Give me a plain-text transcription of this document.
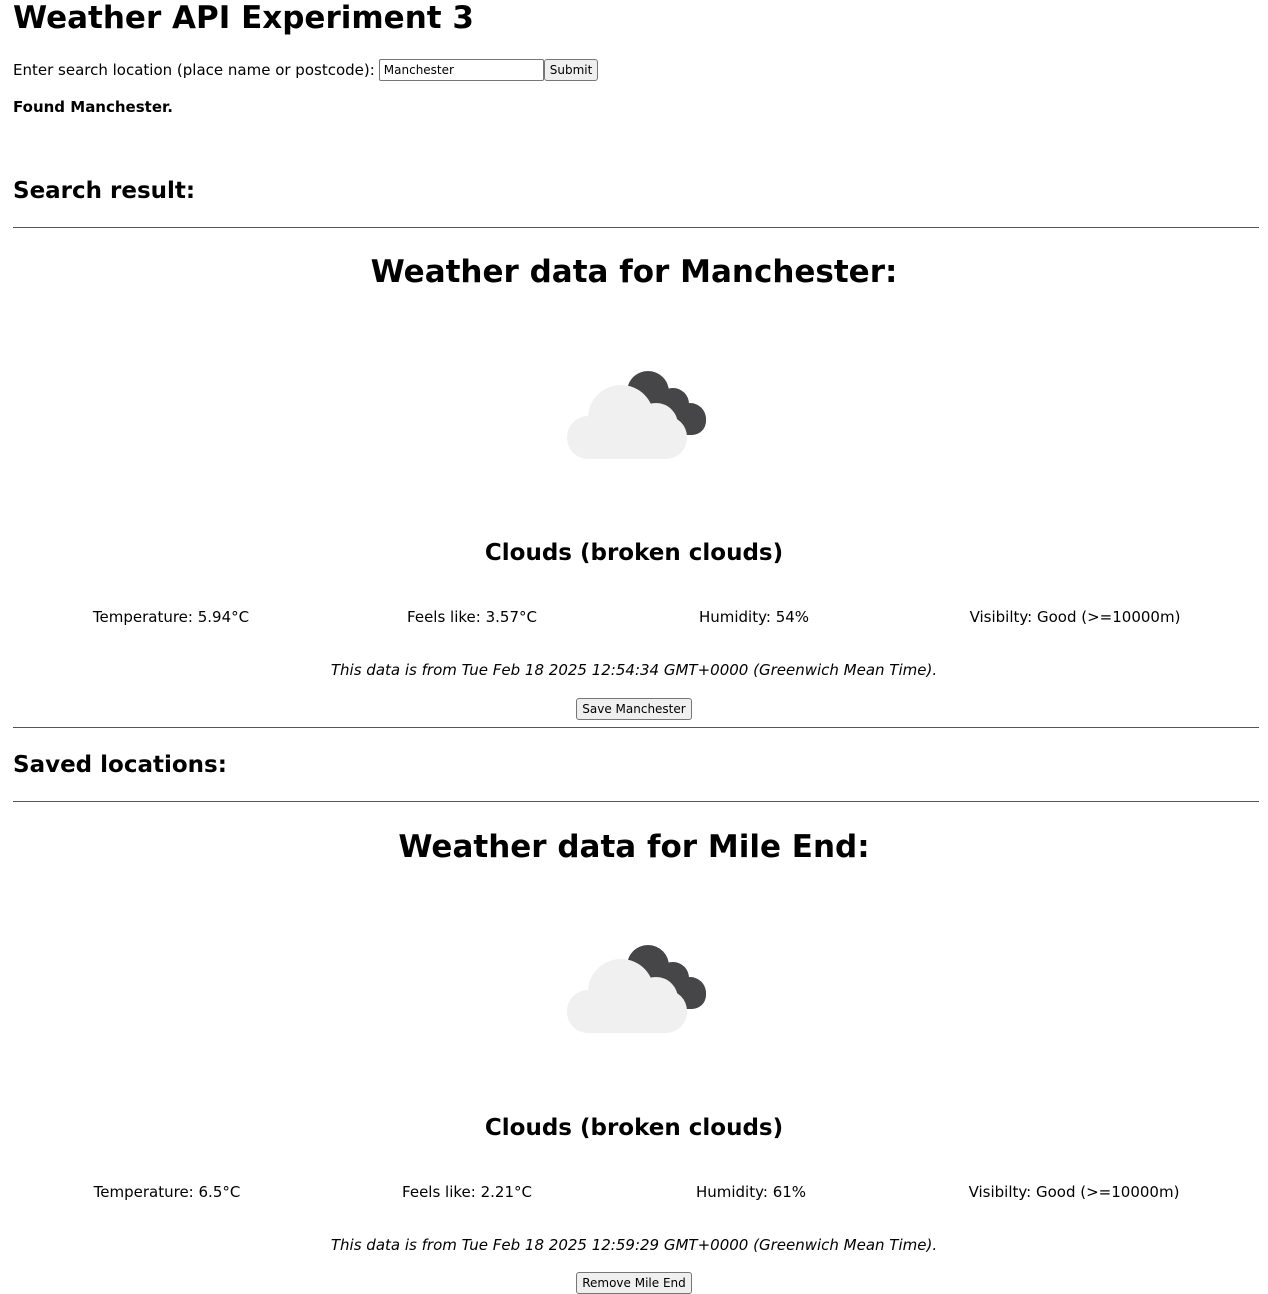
Weather API Experiment 3
Enter search location (place name or postcode):
Manchester	Submit
Found Manchester.
Search result:
Weather data for Manchester:
Clouds (broken clouds)
Temperature: 5.94°C	Feels like: 3.57°C	Humidity: 54%	Visibilty: Good (>=10000m)
This data is from Tue Feb 18 2025 12:54:34 GMT+0000 (Greenwich Mean Time).
Save Manchester
Saved locations:
Weather data for Mile End:
Clouds (broken clouds)
Temperature: 6.5°C	Feels like: 2.21°C	Humidity: 61%	Visibilty: Good (>=10000m)
This data is from Tue Feb 18 2025 12:59:29 GMT+0000 (Greenwich Mean Time).
Remove Mile End
